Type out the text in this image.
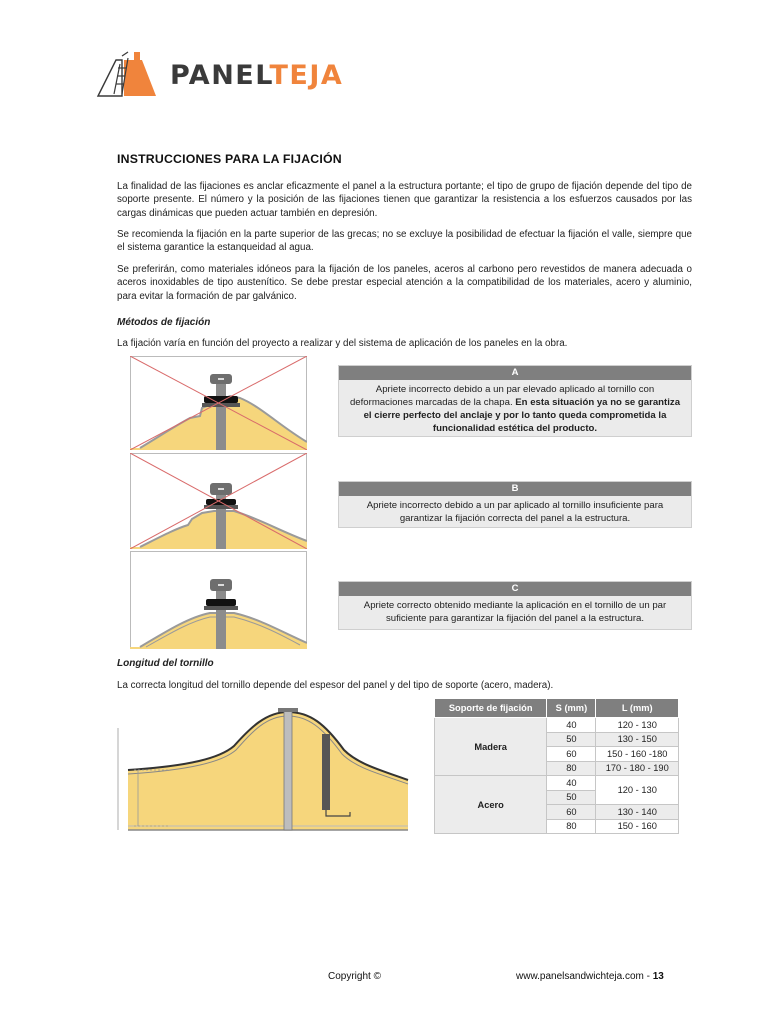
PANELTEJA
INSTRUCCIONES PARA LA FIJACIÓN
La finalidad de las fijaciones es anclar eficazmente el panel a la estructura portante; el tipo de grupo de fijación depende del tipo de soporte presente. El número y la posición de las fijaciones tienen que garantizar la resistencia a los esfuerzos causados por las cargas dinámicas que pueden actuar también en depresión.
Se recomienda la fijación en la parte superior de las grecas; no se excluye la posibilidad de efectuar la fijación el valle, siempre que el sistema garantice la estanqueidad al agua.
Se preferirán, como materiales idóneos para la fijación de los paneles, aceros al carbono pero revestidos de manera adecuada o aceros inoxidables de tipo austenítico. Se debe prestar especial atención a la compatibilidad de los materiales, acero y aluminio, para evitar la formación de par galvánico.
Métodos de fijación
La fijación varía en función del proyecto a realizar y del sistema de aplicación de los paneles en la obra.
A
Apriete incorrecto debido a un par elevado aplicado al tornillo con deformaciones marcadas de la chapa. En esta situación ya no se garantiza el cierre perfecto del anclaje y por lo tanto queda comprometida la funcionalidad estética del producto.
B
Apriete incorrecto debido a un par aplicado al tornillo insuficiente para garantizar la fijación correcta del panel a la estructura.
C
Apriete correcto obtenido mediante la aplicación en el tornillo de un par suficiente para garantizar la fijación del panel a la estructura.
Longitud del tornillo
La correcta longitud del tornillo depende del espesor del panel y del tipo de soporte (acero, madera).
Soporte de fijación	S (mm)	L (mm)
Madera	40	120 - 130
	50	130 - 150
	60	150 - 160 -180
	80	170 - 180 - 190
Acero	40	120 - 130
	50	
	60	130 - 140
	80	150 - 160
Copyright ©	www.panelsandwichteja.com - 13
